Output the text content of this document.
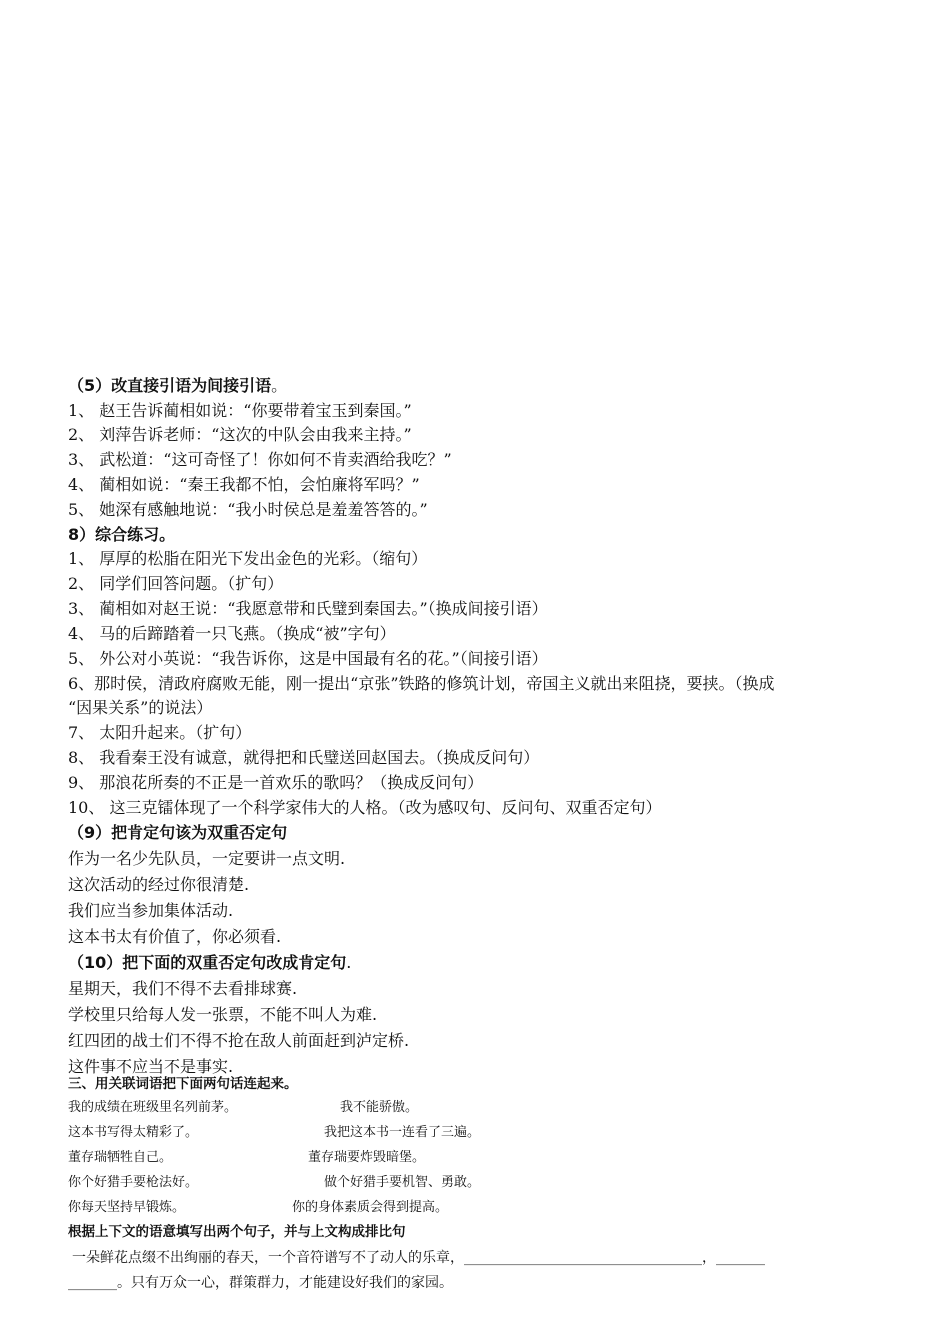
（5）改直接引语为间接引语。
1、 赵王告诉蔺相如说：“你要带着宝玉到秦国。”
2、 刘萍告诉老师：“这次的中队会由我来主持。”
3、 武松道：“这可奇怪了！你如何不肯卖酒给我吃？”
4、 蔺相如说：“秦王我都不怕，会怕廉将军吗？”
5、 她深有感触地说：“我小时侯总是羞羞答答的。”
8）综合练习。
1、 厚厚的松脂在阳光下发出金色的光彩。（缩句）
2、 同学们回答问题。（扩句）
3、 蔺相如对赵王说：“我愿意带和氏璧到秦国去。”（换成间接引语）
4、 马的后蹄踏着一只飞燕。（换成“被”字句）
5、 外公对小英说：“我告诉你，这是中国最有名的花。”（间接引语）
6、那时侯，清政府腐败无能，刚一提出“京张”铁路的修筑计划，帝国主义就出来阻挠，要挟。（换成
“因果关系”的说法）
7、 太阳升起来。（扩句）
8、 我看秦王没有诚意，就得把和氏璧送回赵国去。（换成反问句）
9、 那浪花所奏的不正是一首欢乐的歌吗？（换成反问句）
10、 这三克镭体现了一个科学家伟大的人格。（改为感叹句、反问句、双重否定句）
（9）把肯定句该为双重否定句
作为一名少先队员，一定要讲一点文明.
这次活动的经过你很清楚.
我们应当参加集体活动.
这本书太有价值了，你必须看.
（10）把下面的双重否定句改成肯定句.
星期天，我们不得不去看排球赛.
学校里只给每人发一张票，不能不叫人为难.
红四团的战士们不得不抢在敌人前面赶到泸定桥.
这件事不应当不是事实.
三、用关联词语把下面两句话连起来。
我的成绩在班级里名列前茅。	我不能骄傲。
这本书写得太精彩了。	我把这本书一连看了三遍。
董存瑞牺牲自己。	董存瑞要炸毁暗堡。
你个好猎手要枪法好。	做个好猎手要机智、勇敢。
你每天坚持早锻炼。	你的身体素质会得到提高。
根据上下文的语意填写出两个句子，并与上文构成排比句
一朵鲜花点缀不出绚丽的春天，一个音符谱写不了动人的乐章，__________________________________，_______
_______。只有万众一心，群策群力，才能建设好我们的家园。
